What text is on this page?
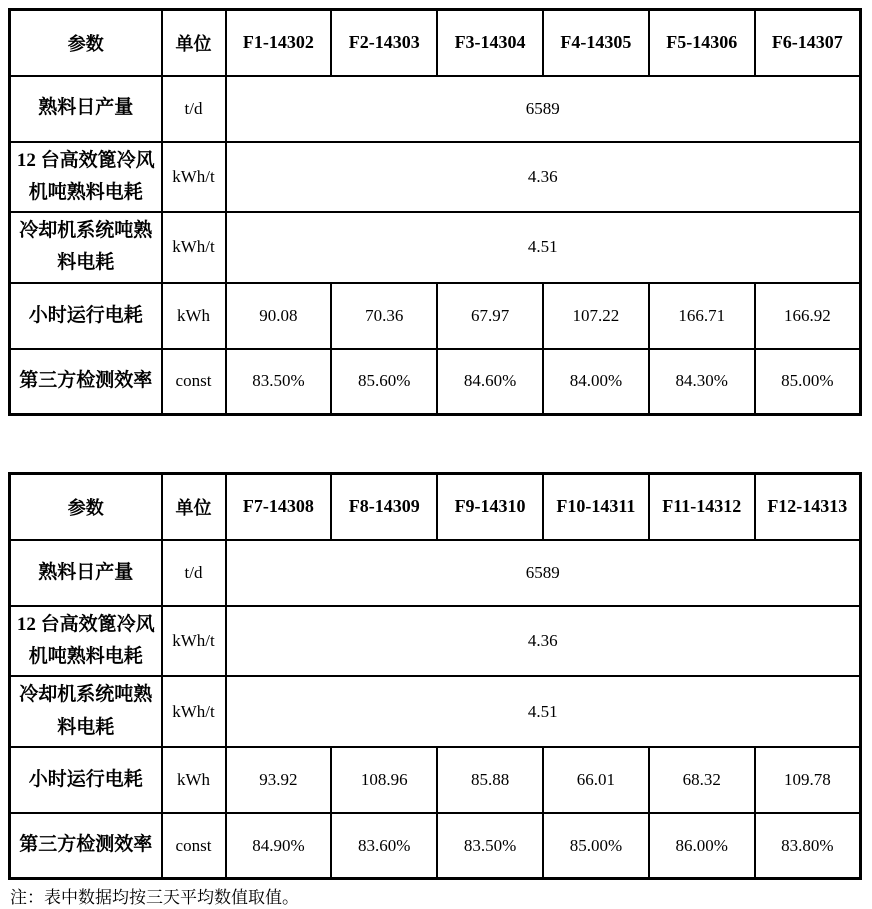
参数	单位	F1-14302	F2-14303	F3-14304	F4-14305	F5-14306	F6-14307
熟料日产量	t/d	6589					
12 台高效篦冷风机吨熟料电耗	kWh/t	4.36					
冷却机系统吨熟料电耗	kWh/t	4.51					
小时运行电耗	kWh	90.08	70.36	67.97	107.22	166.71	166.92
第三方检测效率	const	83.50%	85.60%	84.60%	84.00%	84.30%	85.00%
参数	单位	F7-14308	F8-14309	F9-14310	F10-14311	F11-14312	F12-14313
熟料日产量	t/d	6589					
12 台高效篦冷风机吨熟料电耗	kWh/t	4.36					
冷却机系统吨熟料电耗	kWh/t	4.51					
小时运行电耗	kWh	93.92	108.96	85.88	66.01	68.32	109.78
第三方检测效率	const	84.90%	83.60%	83.50%	85.00%	86.00%	83.80%
注：表中数据均按三天平均数值取值。
